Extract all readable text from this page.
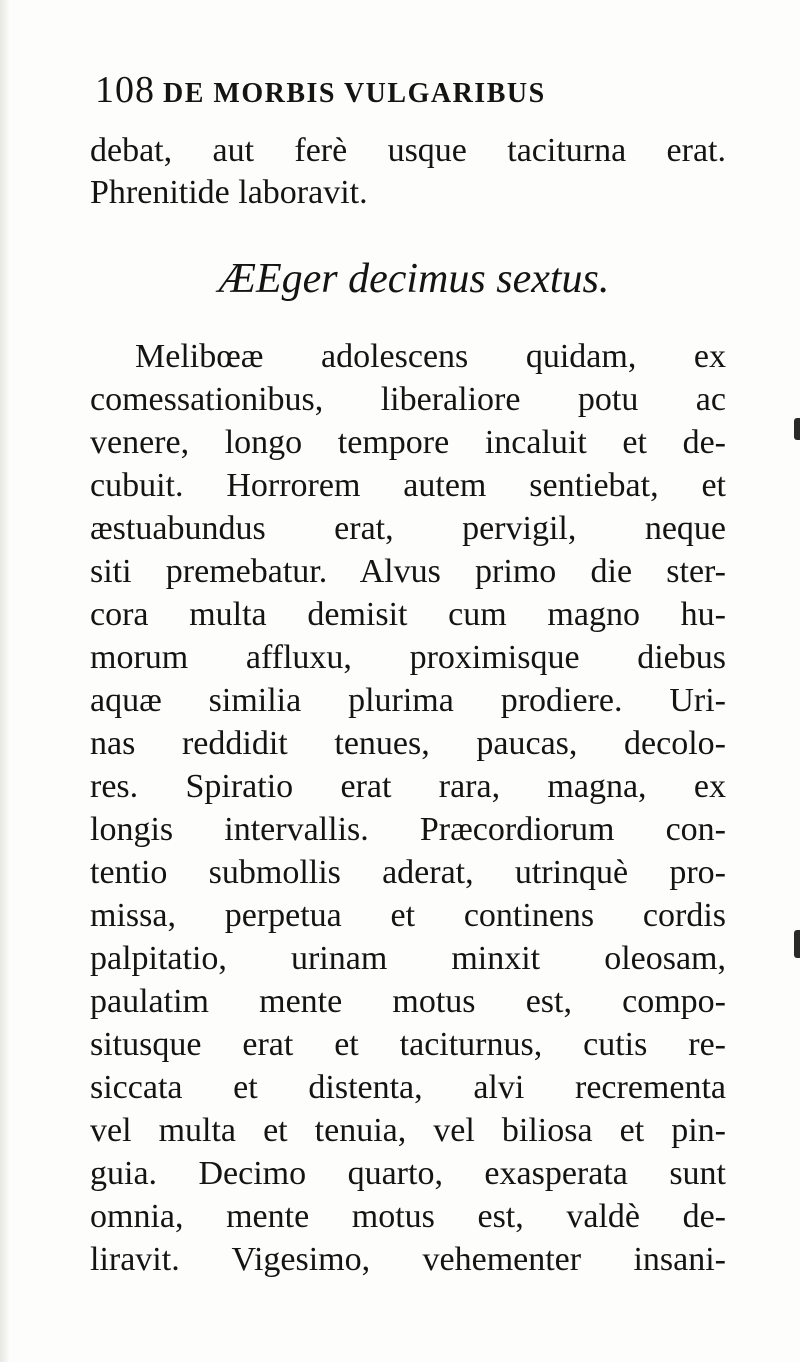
108 DE MORBIS VULGARIBUS
debat, aut ferè usque taciturna erat.
Phrenitide laboravit.
ÆEger decimus sextus.
Melibœæ adolescens quidam, ex
comessationibus, liberaliore potu ac
venere, longo tempore incaluit et de-
cubuit. Horrorem autem sentiebat, et
æstuabundus erat, pervigil, neque
siti premebatur. Alvus primo die ster-
cora multa demisit cum magno hu-
morum affluxu, proximisque diebus
aquæ similia plurima prodiere. Uri-
nas reddidit tenues, paucas, decolo-
res. Spiratio erat rara, magna, ex
longis intervallis. Præcordiorum con-
tentio submollis aderat, utrinquè pro-
missa, perpetua et continens cordis
palpitatio, urinam minxit oleosam,
paulatim mente motus est, compo-
situsque erat et taciturnus, cutis re-
siccata et distenta, alvi recrementa
vel multa et tenuia, vel biliosa et pin-
guia. Decimo quarto, exasperata sunt
omnia, mente motus est, valdè de-
liravit. Vigesimo, vehementer insani-
